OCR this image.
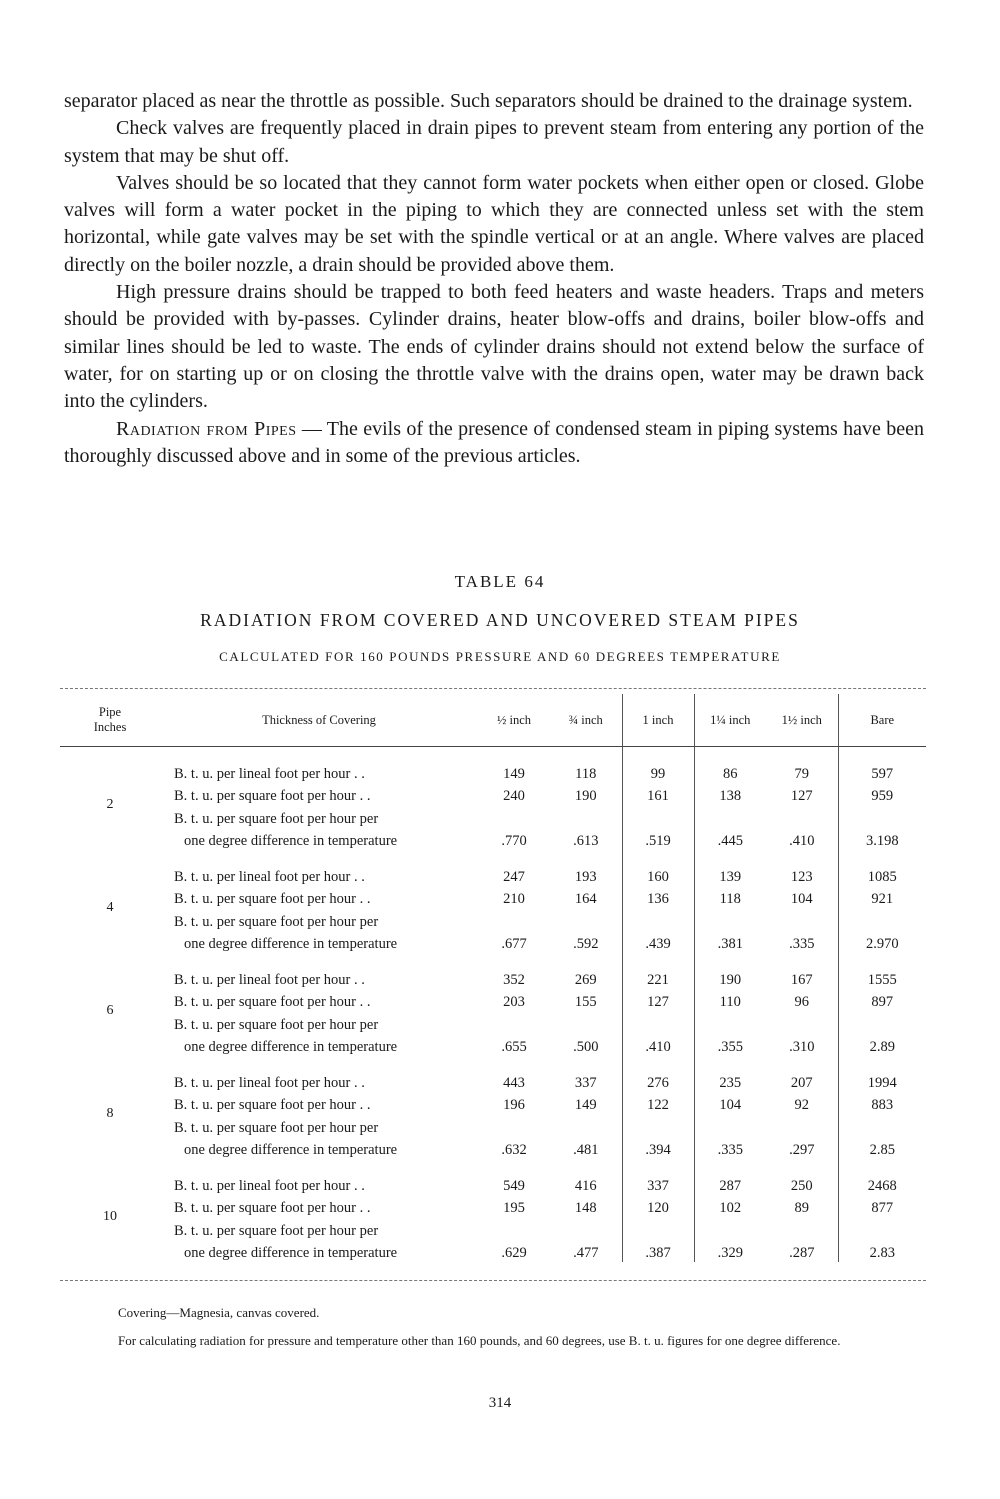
separator placed as near the throttle as possible. Such separators should be drained to the drainage system.

Check valves are frequently placed in drain pipes to prevent steam from entering any portion of the system that may be shut off.

Valves should be so located that they cannot form water pockets when either open or closed. Globe valves will form a water pocket in the piping to which they are connected unless set with the stem horizontal, while gate valves may be set with the spindle vertical or at an angle. Where valves are placed directly on the boiler nozzle, a drain should be provided above them.

High pressure drains should be trapped to both feed heaters and waste headers. Traps and meters should be provided with by-passes. Cylinder drains, heater blow-offs and drains, boiler blow-offs and similar lines should be led to waste. The ends of cylinder drains should not extend below the surface of water, for on starting up or on closing the throttle valve with the drains open, water may be drawn back into the cylinders.

Radiation from Pipes — The evils of the presence of condensed steam in piping systems have been thoroughly discussed above and in some of the previous articles.

TABLE 64
RADIATION FROM COVERED AND UNCOVERED STEAM PIPES
CALCULATED FOR 160 POUNDS PRESSURE AND 60 DEGREES TEMPERATURE
Pipe Inches	Thickness of Covering	½ inch	¾ inch	1 inch	1¼ inch	1½ inch	Bare
2	B. t. u. per lineal foot per hour . .	149	118	99	86	79	597
	B. t. u. per square foot per hour . .	240	190	161	138	127	959
	B. t. u. per square foot per hour per						
	one degree difference in temperature	.770	.613	.519	.445	.410	3.198
4	B. t. u. per lineal foot per hour . .	247	193	160	139	123	1085
	B. t. u. per square foot per hour . .	210	164	136	118	104	921
	B. t. u. per square foot per hour per						
	one degree difference in temperature	.677	.592	.439	.381	.335	2.970
6	B. t. u. per lineal foot per hour . .	352	269	221	190	167	1555
	B. t. u. per square foot per hour . .	203	155	127	110	96	897
	B. t. u. per square foot per hour per						
	one degree difference in temperature	.655	.500	.410	.355	.310	2.89
8	B. t. u. per lineal foot per hour . .	443	337	276	235	207	1994
	B. t. u. per square foot per hour . .	196	149	122	104	92	883
	B. t. u. per square foot per hour per						
	one degree difference in temperature	.632	.481	.394	.335	.297	2.85
10	B. t. u. per lineal foot per hour . .	549	416	337	287	250	2468
	B. t. u. per square foot per hour . .	195	148	120	102	89	877
	B. t. u. per square foot per hour per						
	one degree difference in temperature	.629	.477	.387	.329	.287	2.83
Covering—Magnesia, canvas covered.
For calculating radiation for pressure and temperature other than 160 pounds, and 60 degrees, use B. t. u. figures for one degree difference.
314
